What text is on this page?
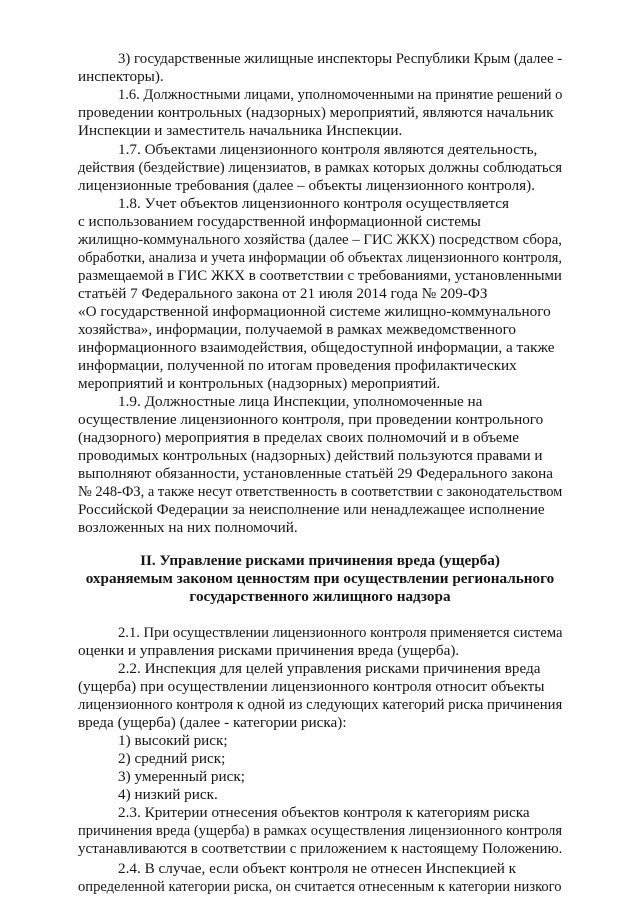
3) государственные жилищные инспекторы Республики Крым (далее -
инспекторы).
1.6. Должностными лицами, уполномоченными на принятие решений о
проведении контрольных (надзорных) мероприятий, являются начальник
Инспекции и заместитель начальника Инспекции.
1.7. Объектами лицензионного контроля являются деятельность,
действия (бездействие) лицензиатов, в рамках которых должны соблюдаться
лицензионные требования (далее – объекты лицензионного контроля).
1.8. Учет объектов лицензионного контроля осуществляется
с использованием государственной информационной системы
жилищно-коммунального хозяйства (далее – ГИС ЖКХ) посредством сбора,
обработки, анализа и учета информации об объектах лицензионного контроля,
размещаемой в ГИС ЖКХ в соответствии с требованиями, установленными
статьёй 7 Федерального закона от 21 июля 2014 года № 209-ФЗ
«О государственной информационной системе жилищно-коммунального
хозяйства», информации, получаемой в рамках межведомственного
информационного взаимодействия, общедоступной информации, а также
информации, полученной по итогам проведения профилактических
мероприятий и контрольных (надзорных) мероприятий.
1.9. Должностные лица Инспекции, уполномоченные на
осуществление лицензионного контроля, при проведении контрольного
(надзорного) мероприятия в пределах своих полномочий и в объеме
проводимых контрольных (надзорных) действий пользуются правами и
выполняют обязанности, установленные статьёй 29 Федерального закона
№ 248-ФЗ, а также несут ответственность в соответствии с законодательством
Российской Федерации за неисполнение или ненадлежащее исполнение
возложенных на них полномочий.
II. Управление рисками причинения вреда (ущерба)
охраняемым законом ценностям при осуществлении регионального
государственного жилищного надзора
2.1. При осуществлении лицензионного контроля применяется система
оценки и управления рисками причинения вреда (ущерба).
2.2. Инспекция для целей управления рисками причинения вреда
(ущерба) при осуществлении лицензионного контроля относит объекты
лицензионного контроля к одной из следующих категорий риска причинения
вреда (ущерба) (далее - категории риска):
1) высокий риск;
2) средний риск;
3) умеренный риск;
4) низкий риск.
2.3. Критерии отнесения объектов контроля к категориям риска
причинения вреда (ущерба) в рамках осуществления лицензионного контроля
устанавливаются в соответствии с приложением к настоящему Положению.
2.4. В случае, если объект контроля не отнесен Инспекцией к
определенной категории риска, он считается отнесенным к категории низкого
